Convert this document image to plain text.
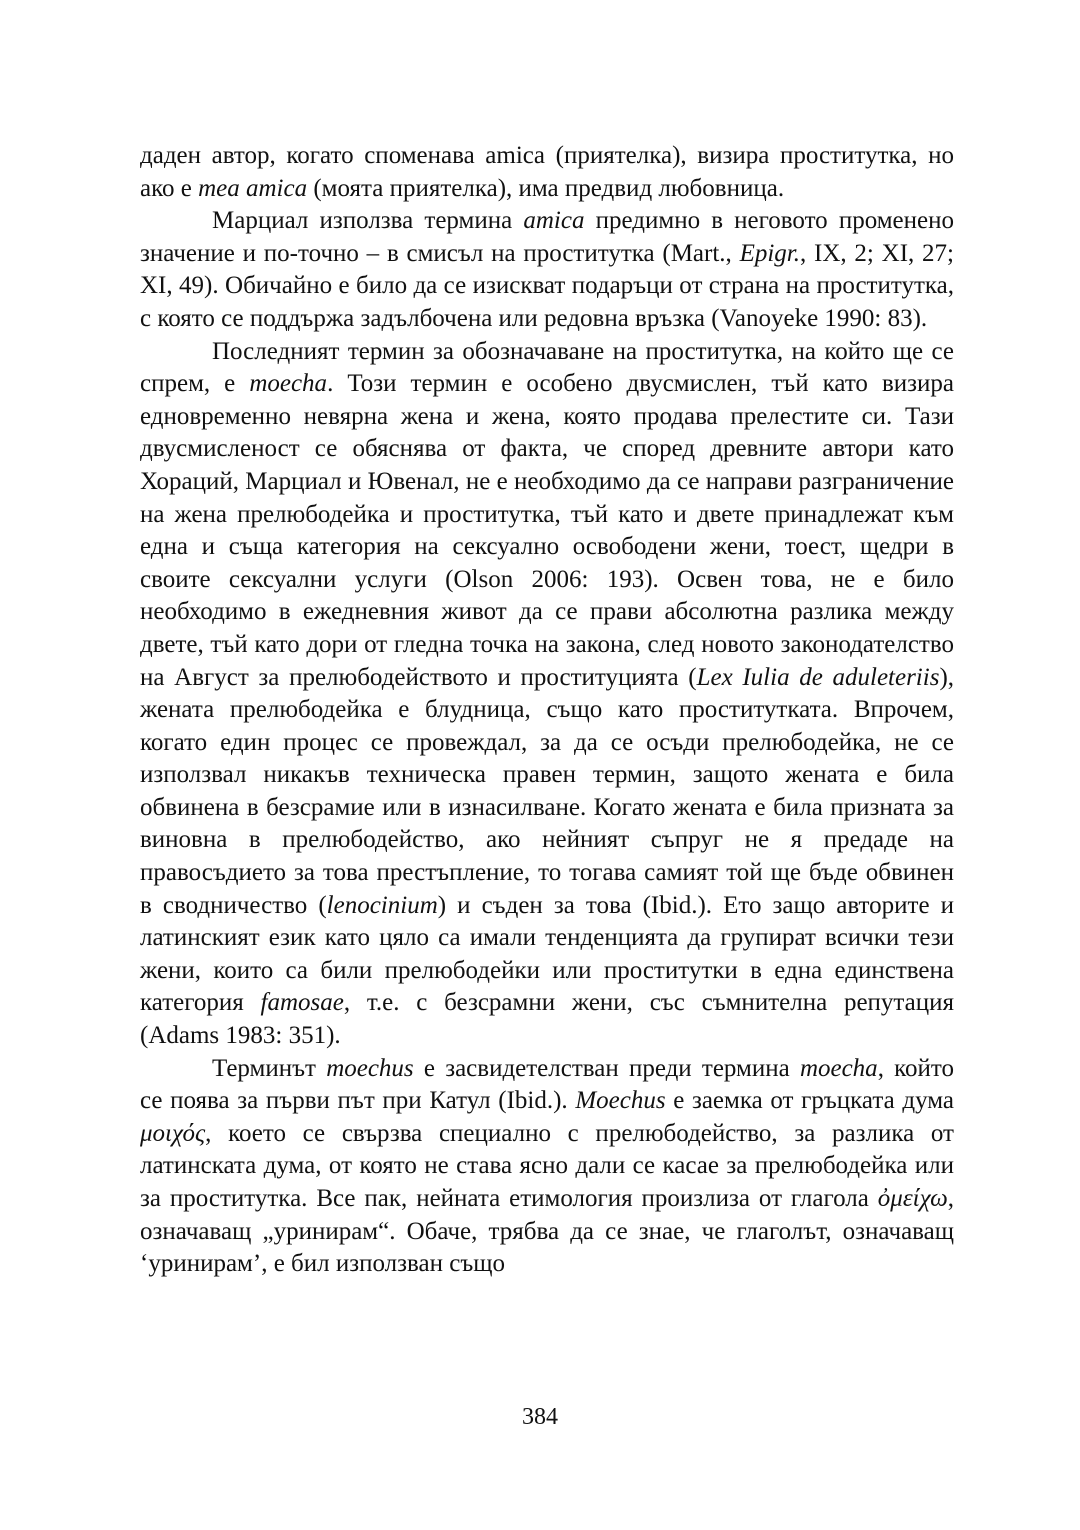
даден автор, когато споменава amica (приятелка), визира проститутка, но ако е mea amica (моята приятелка), има предвид любовница.

Марциал използва термина amica предимно в неговото променено значение и по-точно – в смисъл на проститутка (Mart., Epigr., IX, 2; XI, 27; XI, 49). Обичайно е било да се изискват подаръци от страна на проститутка, с която се поддържа задълбочена или редовна връзка (Vanoyeke 1990: 83).

Последният термин за обозначаване на проститутка, на който ще се спрем, е moecha. Този термин е особено двусмислен, тъй като визира едновременно невярна жена и жена, която продава прелестите си. Тази двусмисленост се обяснява от факта, че според древните автори като Хораций, Марциал и Ювенал, не е необходимо да се направи разграничение на жена прелюбодейка и проститутка, тъй като и двете принадлежат към една и съща категория на сексуално освободени жени, тоест, щедри в своите сексуални услуги (Olson 2006: 193). Освен това, не е било необходимо в ежедневния живот да се прави абсолютна разлика между двете, тъй като дори от гледна точка на закона, след новото законодателство на Август за прелюбодейството и проституцията (Lex Iulia de aduleteriis), жената прелюбодейка е блудница, също като проститутката. Впрочем, когато един процес се провеждал, за да се осъди прелюбодейка, не се използвал никакъв техническа правен термин, защото жената е била обвинена в безсрамие или в изнасилване. Когато жената е била призната за виновна в прелюбодейство, ако нейният съпруг не я предаде на правосъдието за това престъпление, то тогава самият той ще бъде обвинен в сводничество (lenocinium) и съден за това (Ibid.). Ето защо авторите и латинският език като цяло са имали тенденцията да групират всички тези жени, които са били прелюбодейки или проститутки в една единствена категория famosae, т.е. с безсрамни жени, със съмнителна репутация (Adams 1983: 351).

Терминът moechus е засвидетелстван преди термина moecha, който се поява за първи път при Катул (Ibid.). Moechus е заемка от гръцката дума μοιχός, което се свързва специално с прелюбодейство, за разлика от латинската дума, от която не става ясно дали се касае за прелюбодейка или за проститутка. Все пак, нейната етимология произлиза от глагола ὀμείχω, означаващ „уринирам“. Обаче, трябва да се знае, че глаголът, означаващ ‘уринирам’, е бил използван също

384
